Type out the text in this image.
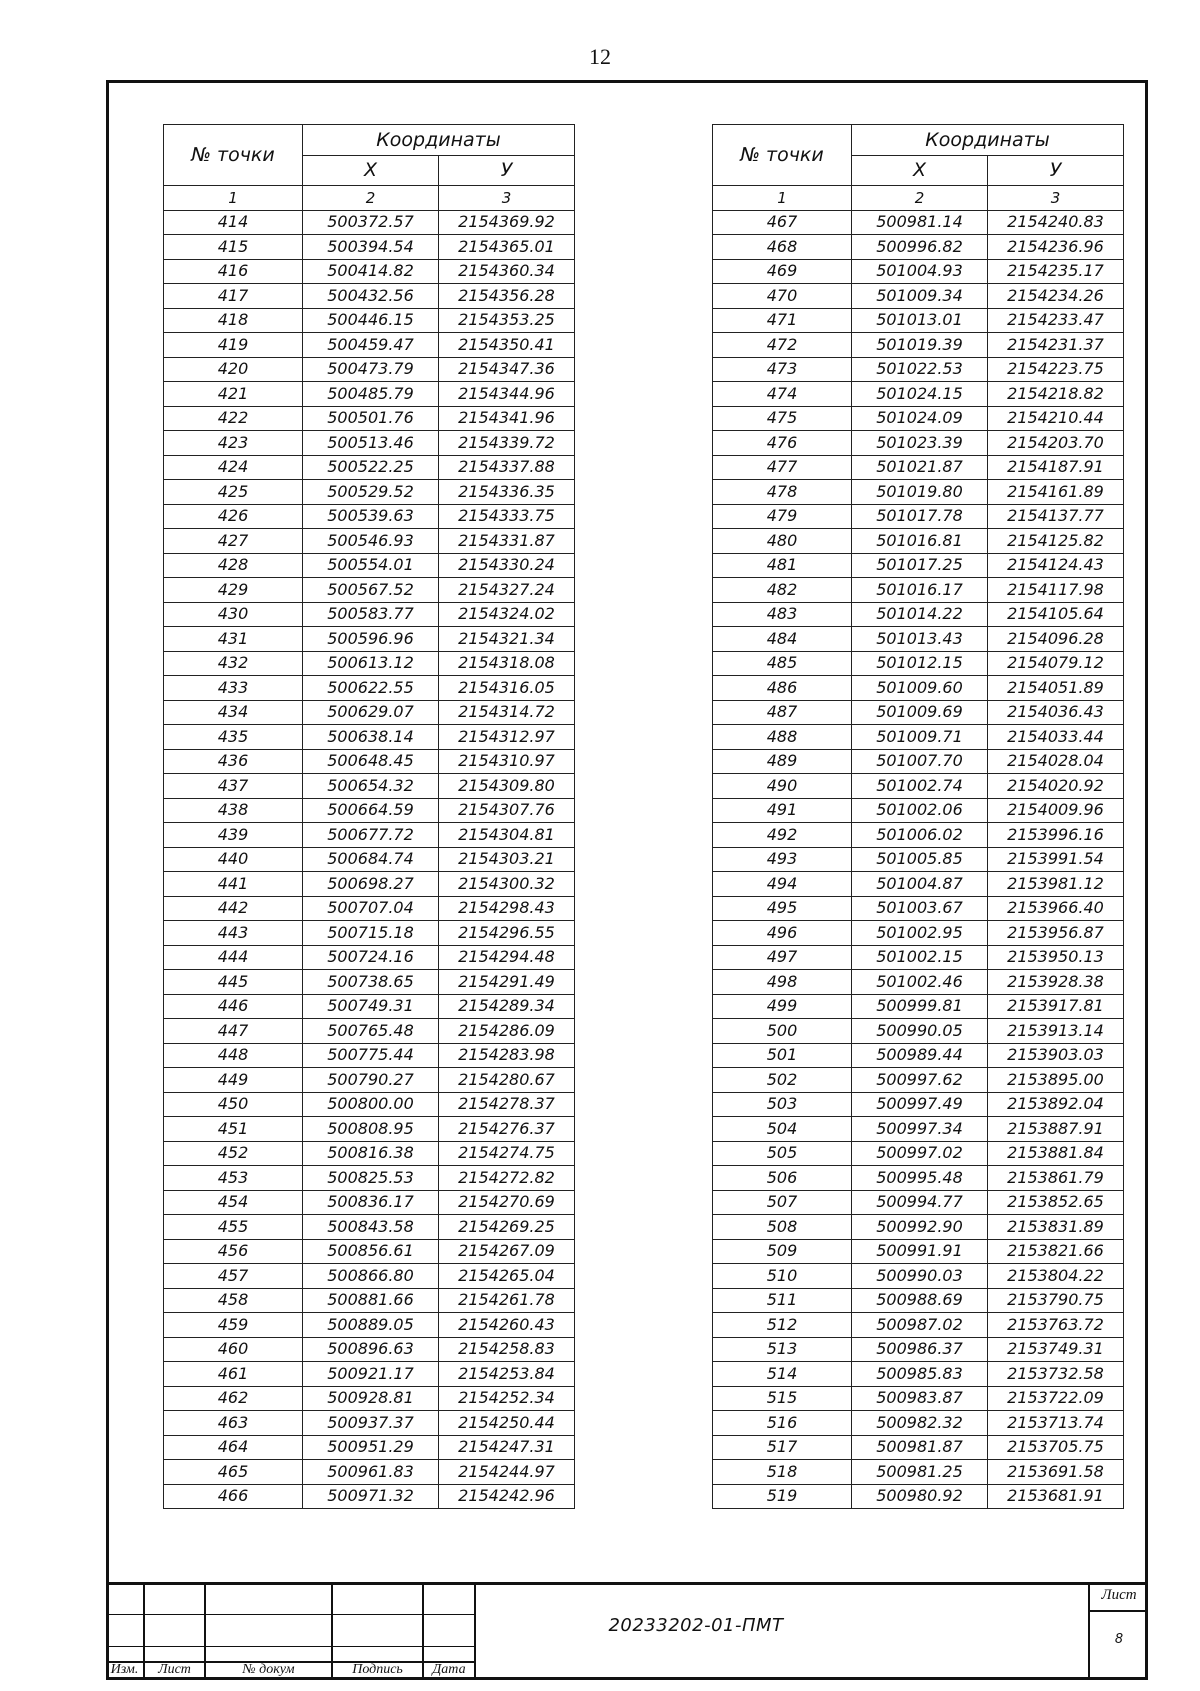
12
№ точки	Координаты	
	X	У
1	2	3
414	500372.57	2154369.92
415	500394.54	2154365.01
416	500414.82	2154360.34
417	500432.56	2154356.28
418	500446.15	2154353.25
419	500459.47	2154350.41
420	500473.79	2154347.36
421	500485.79	2154344.96
422	500501.76	2154341.96
423	500513.46	2154339.72
424	500522.25	2154337.88
425	500529.52	2154336.35
426	500539.63	2154333.75
427	500546.93	2154331.87
428	500554.01	2154330.24
429	500567.52	2154327.24
430	500583.77	2154324.02
431	500596.96	2154321.34
432	500613.12	2154318.08
433	500622.55	2154316.05
434	500629.07	2154314.72
435	500638.14	2154312.97
436	500648.45	2154310.97
437	500654.32	2154309.80
438	500664.59	2154307.76
439	500677.72	2154304.81
440	500684.74	2154303.21
441	500698.27	2154300.32
442	500707.04	2154298.43
443	500715.18	2154296.55
444	500724.16	2154294.48
445	500738.65	2154291.49
446	500749.31	2154289.34
447	500765.48	2154286.09
448	500775.44	2154283.98
449	500790.27	2154280.67
450	500800.00	2154278.37
451	500808.95	2154276.37
452	500816.38	2154274.75
453	500825.53	2154272.82
454	500836.17	2154270.69
455	500843.58	2154269.25
456	500856.61	2154267.09
457	500866.80	2154265.04
458	500881.66	2154261.78
459	500889.05	2154260.43
460	500896.63	2154258.83
461	500921.17	2154253.84
462	500928.81	2154252.34
463	500937.37	2154250.44
464	500951.29	2154247.31
465	500961.83	2154244.97
466	500971.32	2154242.96
№ точки	Координаты	
	X	У
1	2	3
467	500981.14	2154240.83
468	500996.82	2154236.96
469	501004.93	2154235.17
470	501009.34	2154234.26
471	501013.01	2154233.47
472	501019.39	2154231.37
473	501022.53	2154223.75
474	501024.15	2154218.82
475	501024.09	2154210.44
476	501023.39	2154203.70
477	501021.87	2154187.91
478	501019.80	2154161.89
479	501017.78	2154137.77
480	501016.81	2154125.82
481	501017.25	2154124.43
482	501016.17	2154117.98
483	501014.22	2154105.64
484	501013.43	2154096.28
485	501012.15	2154079.12
486	501009.60	2154051.89
487	501009.69	2154036.43
488	501009.71	2154033.44
489	501007.70	2154028.04
490	501002.74	2154020.92
491	501002.06	2154009.96
492	501006.02	2153996.16
493	501005.85	2153991.54
494	501004.87	2153981.12
495	501003.67	2153966.40
496	501002.95	2153956.87
497	501002.15	2153950.13
498	501002.46	2153928.38
499	500999.81	2153917.81
500	500990.05	2153913.14
501	500989.44	2153903.03
502	500997.62	2153895.00
503	500997.49	2153892.04
504	500997.34	2153887.91
505	500997.02	2153881.84
506	500995.48	2153861.79
507	500994.77	2153852.65
508	500992.90	2153831.89
509	500991.91	2153821.66
510	500990.03	2153804.22
511	500988.69	2153790.75
512	500987.02	2153763.72
513	500986.37	2153749.31
514	500985.83	2153732.58
515	500983.87	2153722.09
516	500982.32	2153713.74
517	500981.87	2153705.75
518	500981.25	2153691.58
519	500980.92	2153681.91
Изм.	Лист	№ докум	Подпись	Дата
20233202-01-ПМТ
Лист
8
